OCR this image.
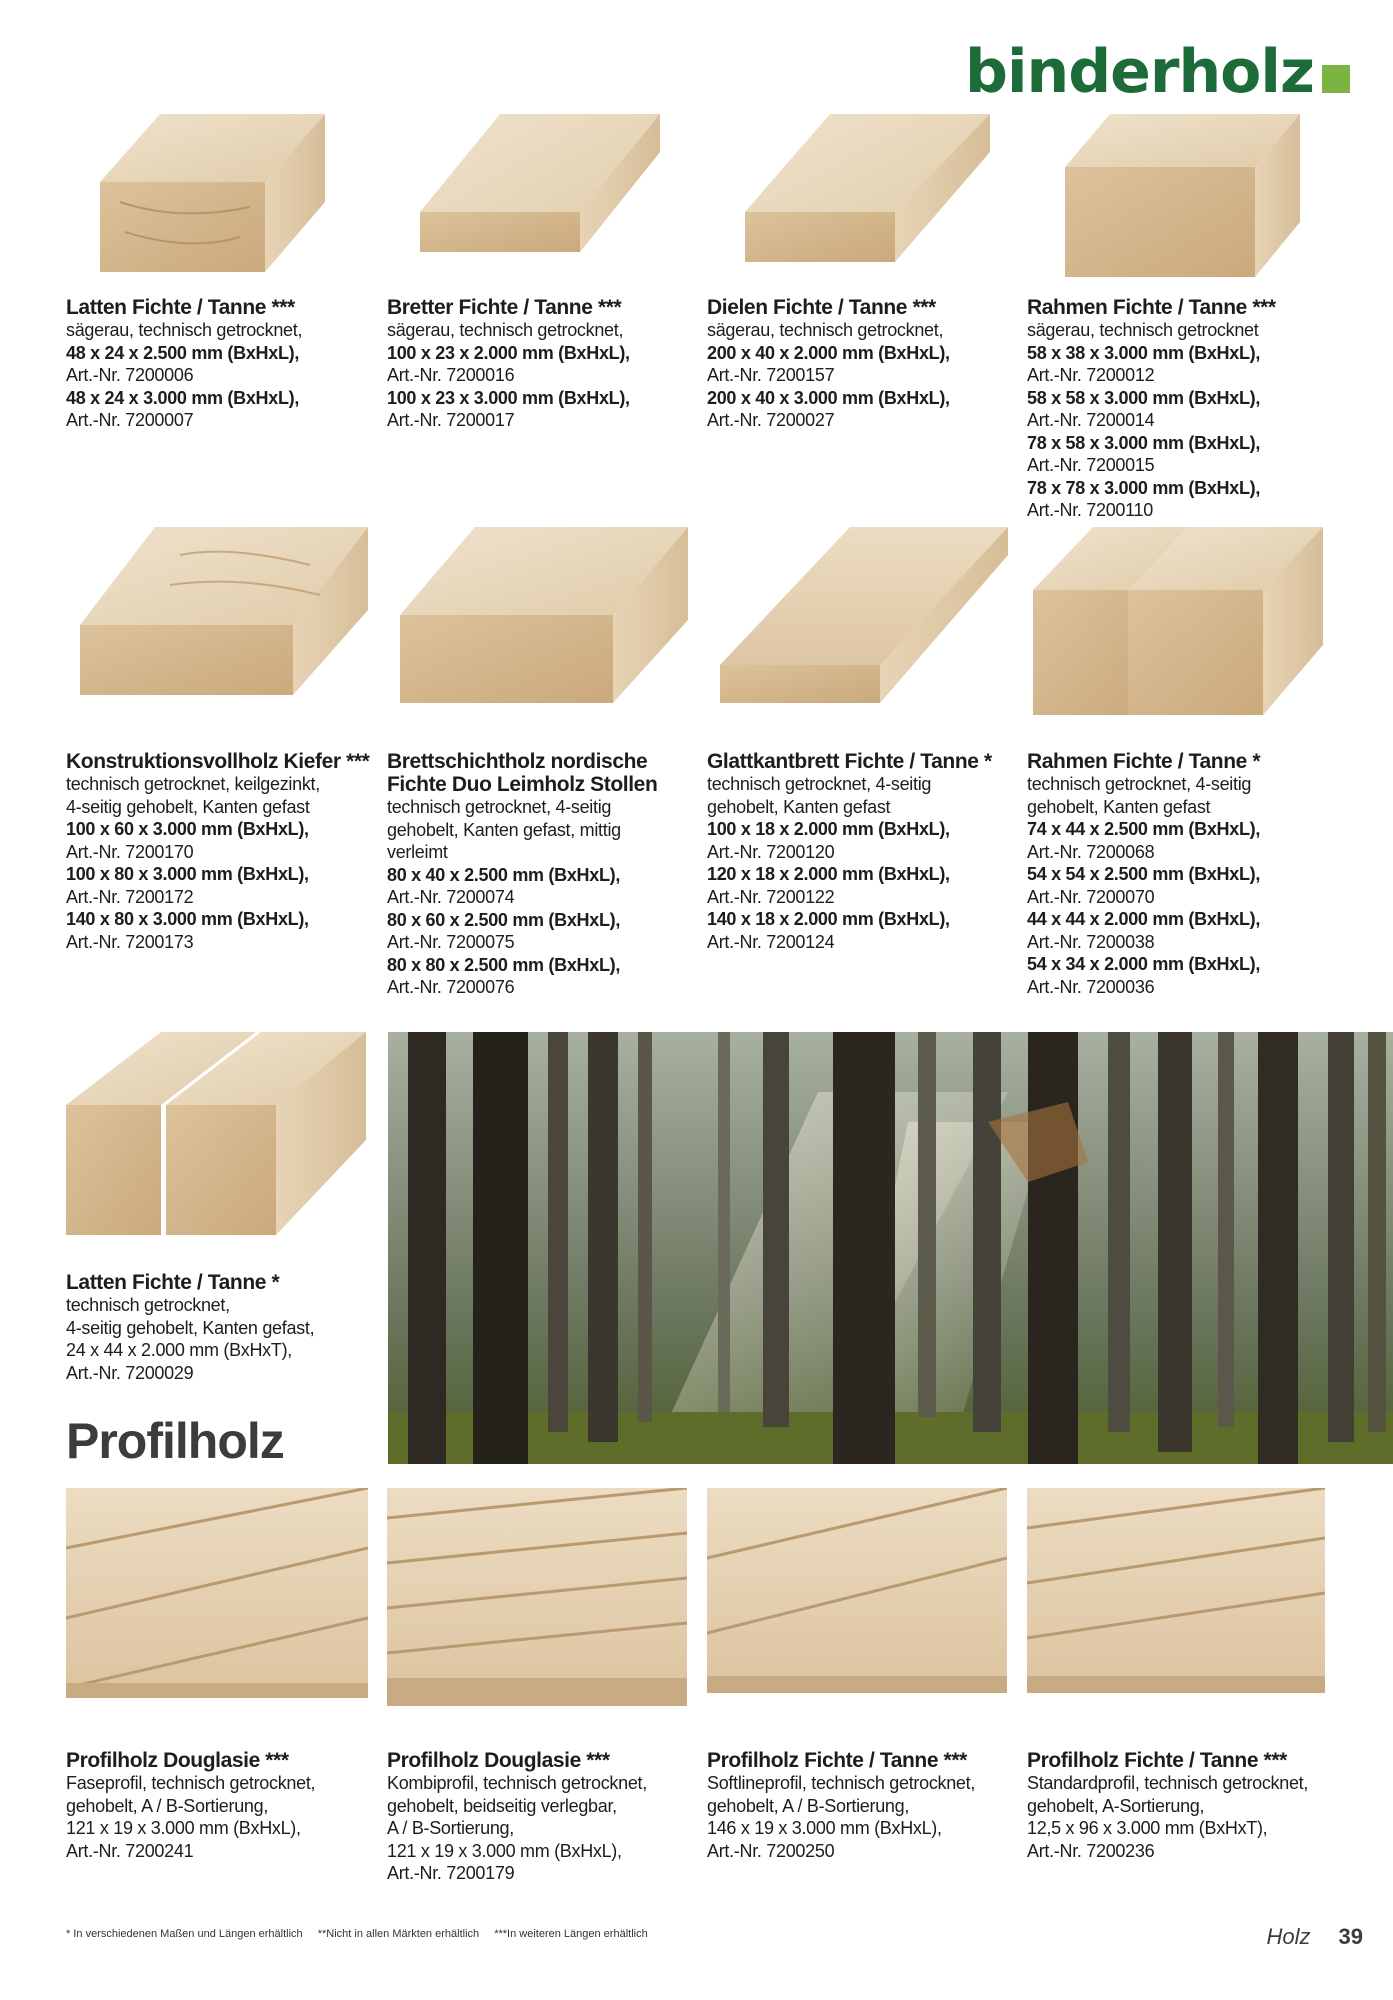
binderholz
Latten Fichte / Tanne ***
sägerau, technisch getrocknet,
48 x 24 x 2.500 mm (BxHxL),
Art.-Nr. 7200006
48 x 24 x 3.000 mm (BxHxL),
Art.-Nr. 7200007
Bretter Fichte / Tanne ***
sägerau, technisch getrocknet,
100 x 23 x 2.000 mm (BxHxL),
Art.-Nr. 7200016
100 x 23 x 3.000 mm (BxHxL),
Art.-Nr. 7200017
Dielen Fichte / Tanne ***
sägerau, technisch getrocknet,
200 x 40 x 2.000 mm (BxHxL),
Art.-Nr. 7200157
200 x 40 x 3.000 mm (BxHxL),
Art.-Nr. 7200027
Rahmen Fichte / Tanne ***
sägerau, technisch getrocknet
58 x 38 x 3.000 mm (BxHxL),
Art.-Nr. 7200012
58 x 58 x 3.000 mm (BxHxL),
Art.-Nr. 7200014
78 x 58 x 3.000 mm (BxHxL),
Art.-Nr. 7200015
78 x 78 x 3.000 mm (BxHxL),
Art.-Nr. 7200110
Konstruktionsvollholz Kiefer ***
technisch getrocknet, keilgezinkt,
4-seitig gehobelt, Kanten gefast
100 x 60 x 3.000 mm (BxHxL),
Art.-Nr. 7200170
100 x 80 x 3.000 mm (BxHxL),
Art.-Nr. 7200172
140 x 80 x 3.000 mm (BxHxL),
Art.-Nr. 7200173
Brettschichtholz nordische Fichte Duo Leimholz Stollen
technisch getrocknet, 4-seitig
gehobelt, Kanten gefast, mittig
verleimt
80 x 40 x 2.500 mm (BxHxL),
Art.-Nr. 7200074
80 x 60 x 2.500 mm (BxHxL),
Art.-Nr. 7200075
80 x 80 x 2.500 mm (BxHxL),
Art.-Nr. 7200076
Glattkantbrett Fichte / Tanne *
technisch getrocknet, 4-seitig
gehobelt, Kanten gefast
100 x 18 x 2.000 mm (BxHxL),
Art.-Nr. 7200120
120 x 18 x 2.000 mm (BxHxL),
Art.-Nr. 7200122
140 x 18 x 2.000 mm (BxHxL),
Art.-Nr. 7200124
Rahmen Fichte / Tanne *
technisch getrocknet, 4-seitig
gehobelt, Kanten gefast
74 x 44 x 2.500 mm (BxHxL),
Art.-Nr. 7200068
54 x 54 x 2.500 mm (BxHxL),
Art.-Nr. 7200070
44 x 44 x 2.000 mm (BxHxL),
Art.-Nr. 7200038
54 x 34 x 2.000 mm (BxHxL),
Art.-Nr. 7200036
Latten Fichte / Tanne *
technisch getrocknet,
4-seitig gehobelt, Kanten gefast,
24 x 44 x 2.000 mm (BxHxT),
Art.-Nr. 7200029
Profilholz
Profilholz Douglasie ***
Faseprofil, technisch getrocknet,
gehobelt, A / B-Sortierung,
121 x 19 x 3.000 mm (BxHxL),
Art.-Nr. 7200241
Profilholz Douglasie ***
Kombiprofil, technisch getrocknet,
gehobelt, beidseitig verlegbar,
A / B-Sortierung,
121 x 19 x 3.000 mm (BxHxL),
Art.-Nr. 7200179
Profilholz Fichte / Tanne ***
Softlineprofil, technisch getrocknet,
gehobelt, A / B-Sortierung,
146 x 19 x 3.000 mm (BxHxL),
Art.-Nr. 7200250
Profilholz Fichte / Tanne ***
Standardprofil, technisch getrocknet,
gehobelt, A-Sortierung,
12,5 x 96 x 3.000 mm (BxHxT),
Art.-Nr. 7200236
* In verschiedenen Maßen und Längen erhältlich **Nicht in allen Märkten erhältlich ***In weiteren Längen erhältlich	Holz 39
